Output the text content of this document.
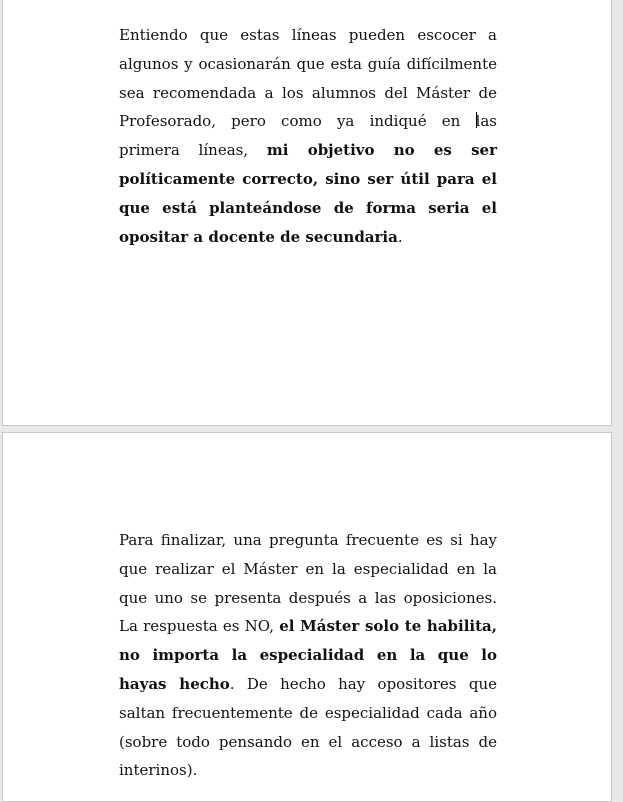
Entiendo que estas líneas pueden escocer a algunos y ocasionarán que esta guía difícilmente sea recomendada a los alumnos del Máster de Profesorado, pero como ya indiqué en las primera líneas, mi objetivo no es ser políticamente correcto, sino ser útil para el que está planteándose de forma seria el opositar a docente de secundaria.

Para finalizar, una pregunta frecuente es si hay que realizar el Máster en la especialidad en la que uno se presenta después a las oposiciones. La respuesta es NO, el Máster solo te habilita, no importa la especialidad en la que lo hayas hecho. De hecho hay opositores que saltan frecuentemente de especialidad cada año (sobre todo pensando en el acceso a listas de interinos).
